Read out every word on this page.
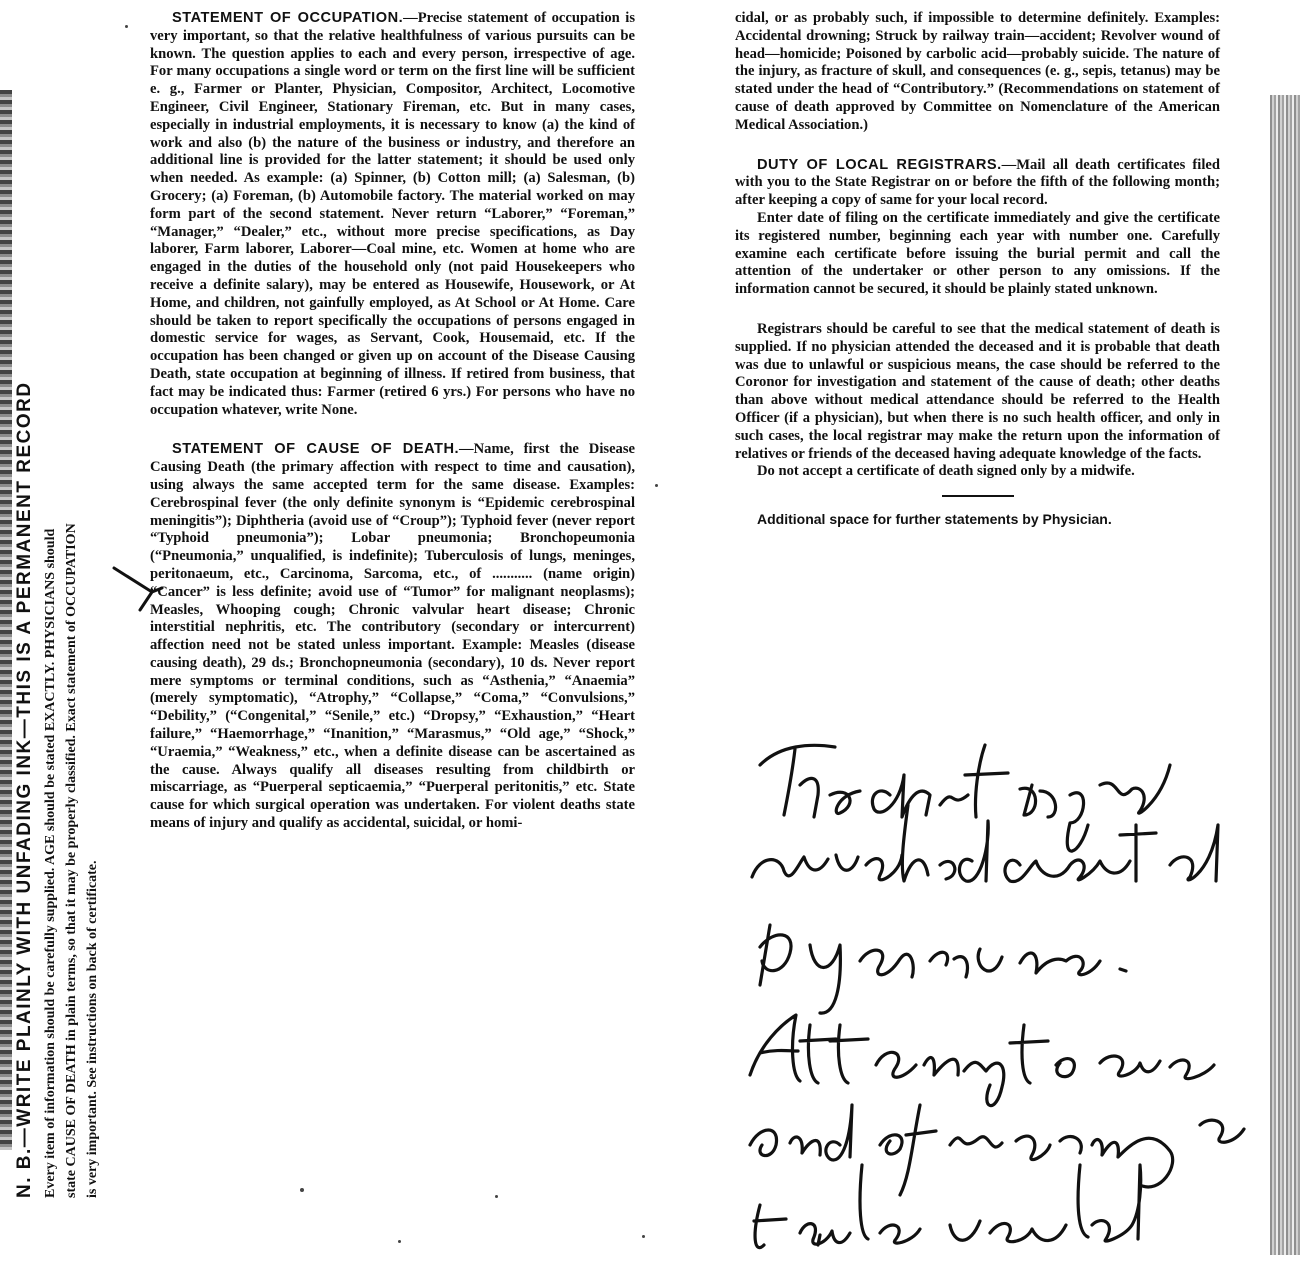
N. B.—WRITE PLAINLY WITH UNFADING INK—THIS IS A PERMANENT RECORD Every item of information should be carefully supplied. AGE should be stated EXACTLY. PHYSICIANS should state CAUSE OF DEATH in plain terms, so that it may be properly classified. Exact statement of OCCUPATION is very important. See instructions on back of certificate.

STATEMENT OF OCCUPATION.—Precise statement of occupation is very important, so that the relative healthfulness of various pursuits can be known. The question applies to each and every person, irrespective of age. For many occupations a single word or term on the first line will be sufficient e. g., Farmer or Planter, Physician, Compositor, Architect, Locomotive Engineer, Civil Engineer, Stationary Fireman, etc. But in many cases, especially in industrial employments, it is necessary to know (a) the kind of work and also (b) the nature of the business or industry, and therefore an additional line is provided for the latter statement; it should be used only when needed. As example: (a) Spinner, (b) Cotton mill; (a) Salesman, (b) Grocery; (a) Foreman, (b) Automobile factory. The material worked on may form part of the second statement. Never return “Laborer,” “Foreman,” “Manager,” “Dealer,” etc., without more precise specifications, as Day laborer, Farm laborer, Laborer—Coal mine, etc. Women at home who are engaged in the duties of the household only (not paid Housekeepers who receive a definite salary), may be entered as Housewife, Housework, or At Home, and children, not gainfully employed, as At School or At Home. Care should be taken to report specifically the occupations of persons engaged in domestic service for wages, as Servant, Cook, Housemaid, etc. If the occupation has been changed or given up on account of the Disease Causing Death, state occupation at beginning of illness. If retired from business, that fact may be indicated thus: Farmer (retired 6 yrs.) For persons who have no occupation whatever, write None.

STATEMENT OF CAUSE OF DEATH.—Name, first the Disease Causing Death (the primary affection with respect to time and causation), using always the same accepted term for the same disease. Examples: Cerebrospinal fever (the only definite synonym is “Epidemic cerebrospinal meningitis”); Diphtheria (avoid use of “Croup”); Typhoid fever (never report “Typhoid pneumonia”); Lobar pneumonia; Bronchopeumonia (“Pneumonia,” unqualified, is indefinite); Tuberculosis of lungs, meninges, peritonaeum, etc., Carcinoma, Sarcoma, etc., of ........... (name origin) “Cancer” is less definite; avoid use of “Tumor” for malignant neoplasms); Measles, Whooping cough; Chronic valvular heart disease; Chronic interstitial nephritis, etc. The contributory (secondary or intercurrent) affection need not be stated unless important. Example: Measles (disease causing death), 29 ds.; Bronchopneumonia (secondary), 10 ds. Never report mere symptoms or terminal conditions, such as “Asthenia,” “Anaemia” (merely symptomatic), “Atrophy,” “Collapse,” “Coma,” “Convulsions,” “Debility,” (“Congenital,” “Senile,” etc.) “Dropsy,” “Exhaustion,” “Heart failure,” “Haemorrhage,” “Inanition,” “Marasmus,” “Old age,” “Shock,” “Uraemia,” “Weakness,” etc., when a definite disease can be ascertained as the cause. Always qualify all diseases resulting from childbirth or miscarriage, as “Puerperal septicaemia,” “Puerperal peritonitis,” etc. State cause for which surgical operation was undertaken. For violent deaths state means of injury and qualify as accidental, suicidal, or homi-

cidal, or as probably such, if impossible to determine definitely. Examples: Accidental drowning; Struck by railway train—accident; Revolver wound of head—homicide; Poisoned by carbolic acid—probably suicide. The nature of the injury, as fracture of skull, and consequences (e. g., sepis, tetanus) may be stated under the head of “Contributory.” (Recommendations on statement of cause of death approved by Committee on Nomenclature of the American Medical Association.)

DUTY OF LOCAL REGISTRARS.—Mail all death certificates filed with you to the State Registrar on or before the fifth of the following month; after keeping a copy of same for your local record.

Enter date of filing on the certificate immediately and give the certificate its registered number, beginning each year with number one. Carefully examine each certificate before issuing the burial permit and call the attention of the undertaker or other person to any omissions. If the information cannot be secured, it should be plainly stated unknown.

Registrars should be careful to see that the medical statement of death is supplied. If no physician attended the deceased and it is probable that death was due to unlawful or suspicious means, the case should be referred to the Coronor for investigation and statement of the cause of death; other deaths than above without medical attendance should be referred to the Health Officer (if a physician), but when there is no such health officer, and only in such cases, the local registrar may make the return upon the information of relatives or friends of the deceased having adequate knowledge of the facts.

Do not accept a certificate of death signed only by a midwife.

Additional space for further statements by Physician.
